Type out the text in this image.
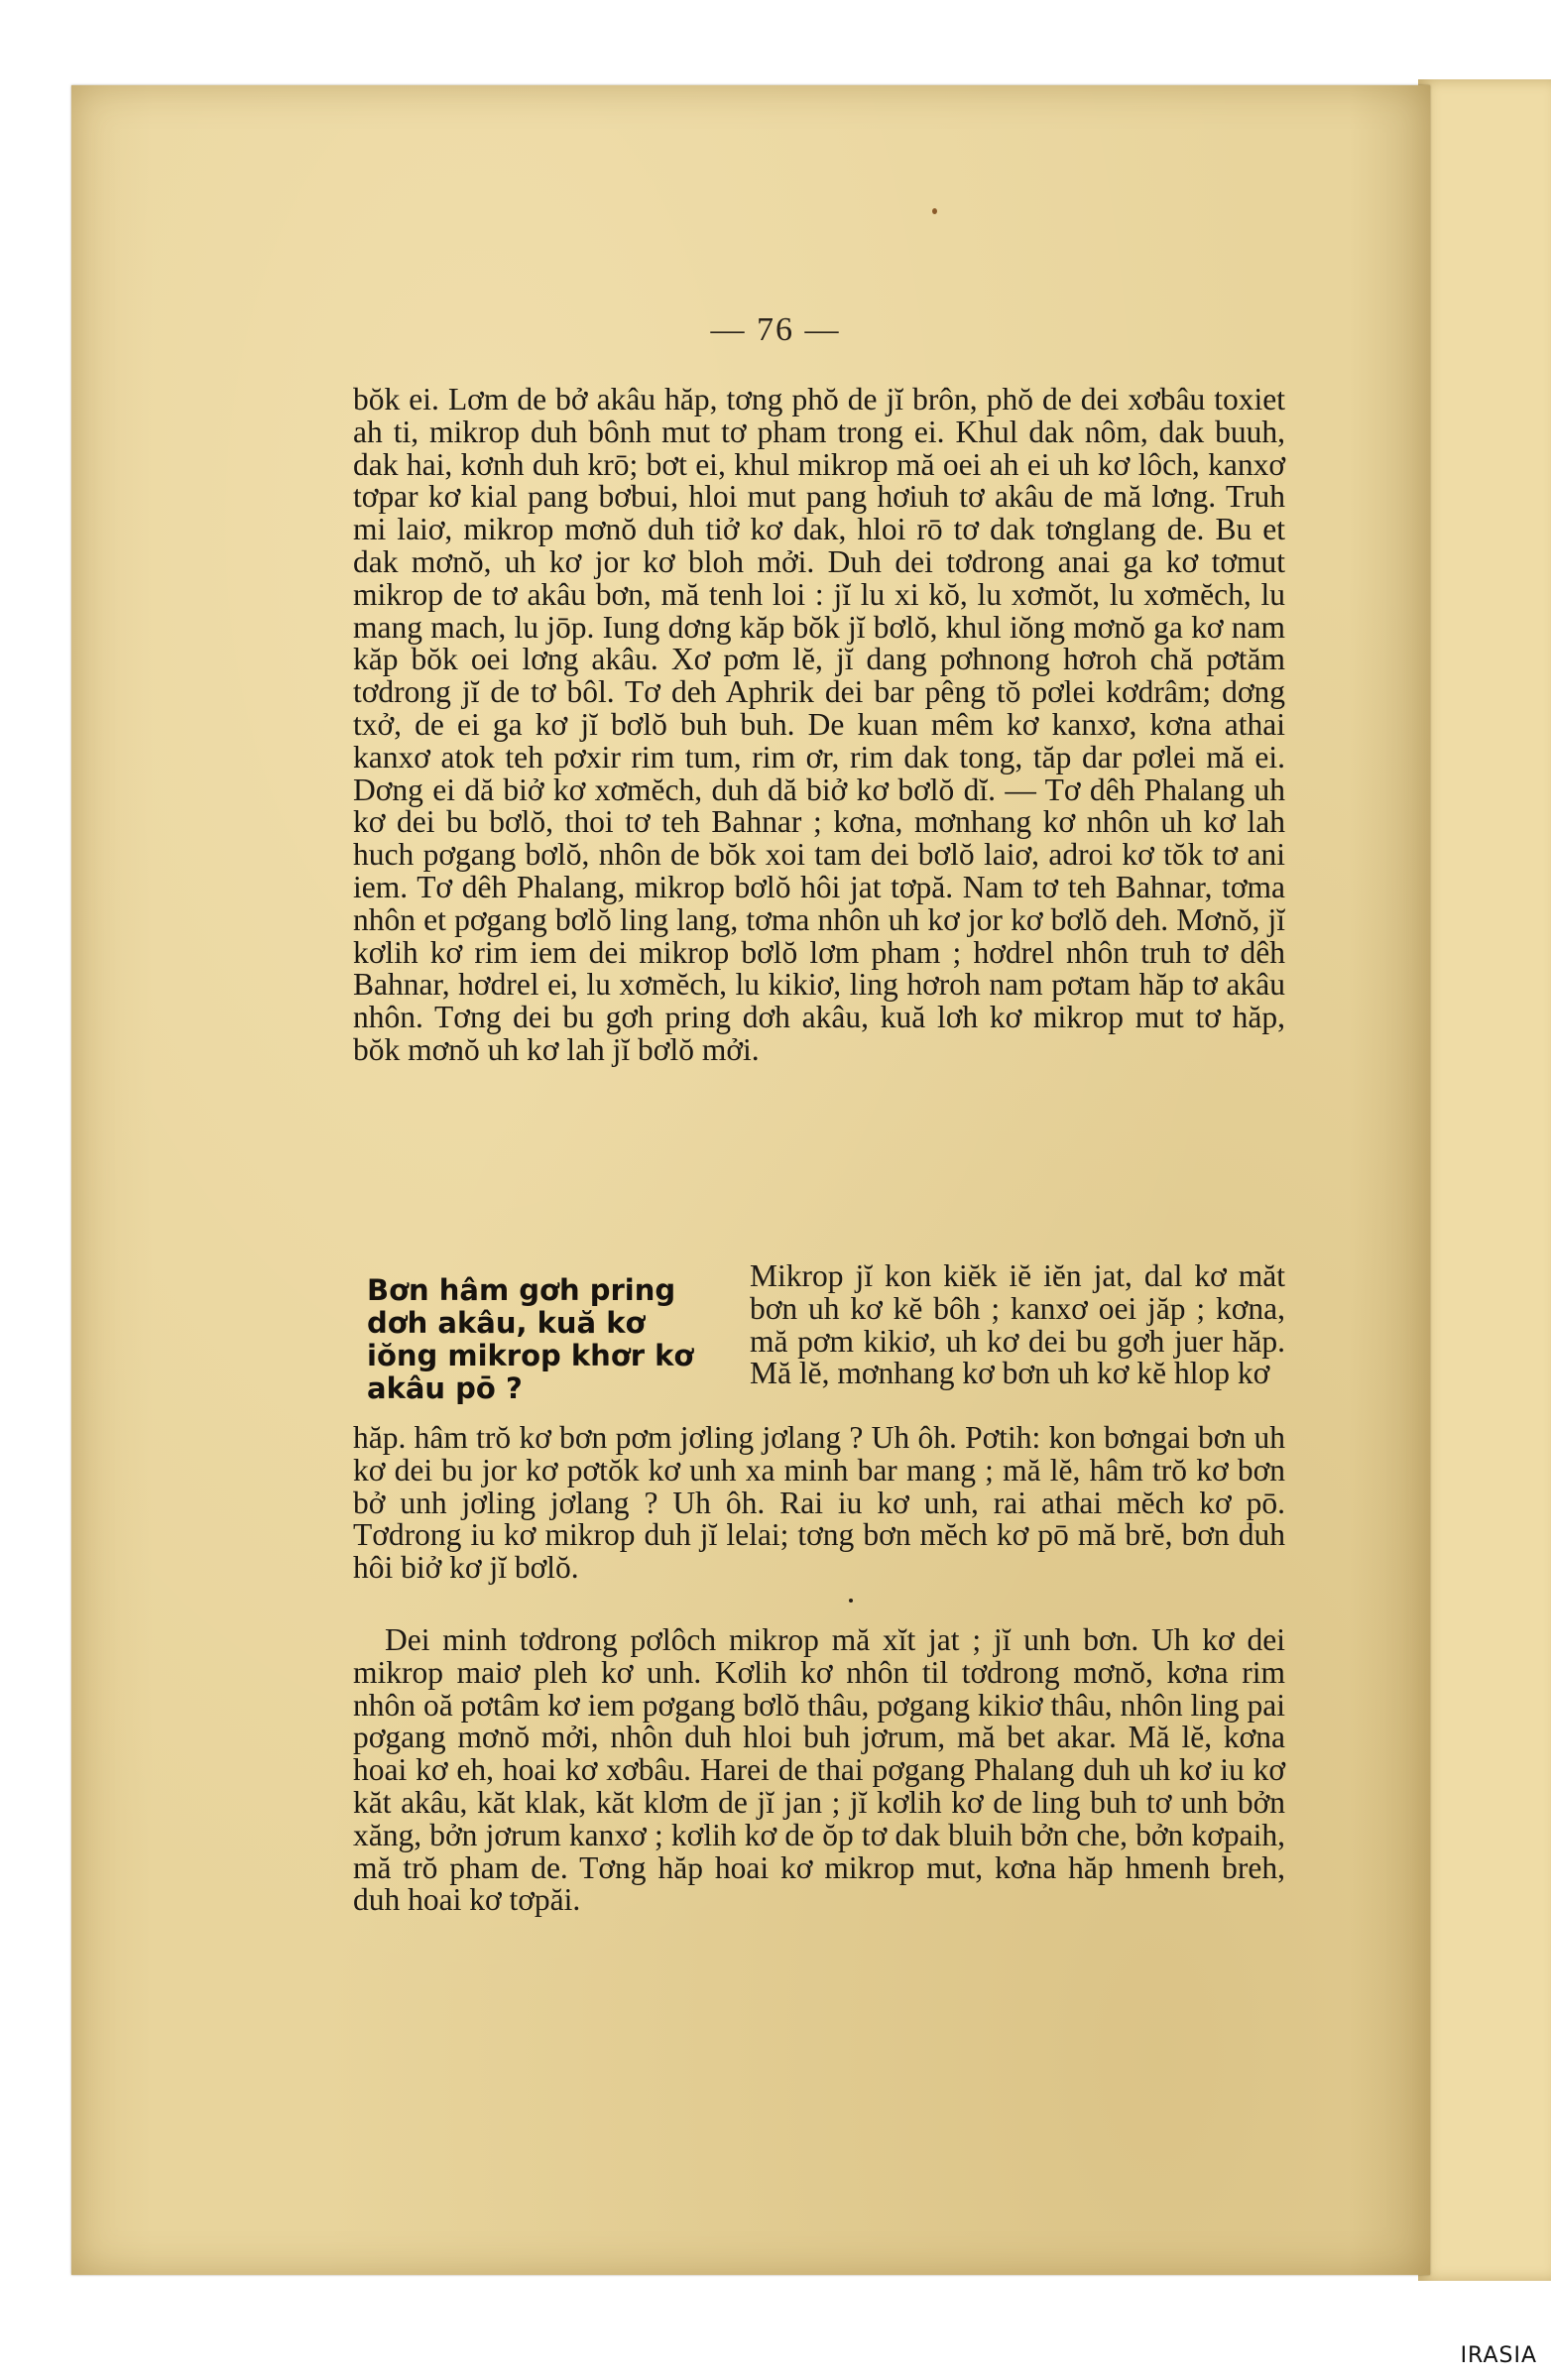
— 76 —

bŏk ei. Lơm de bở akâu hăp, tơng phŏ de jĭ brôn, phŏ de dei xơbâu toxiet ah ti, mikrop duh bônh mut tơ pham trong ei. Khul dak nôm, dak buuh, dak hai, kơnh duh krō; bơt ei, khul mikrop mă oei ah ei uh kơ lôch, kanxơ tơpar kơ kial pang bơbui, hloi mut pang hơiuh tơ akâu de mă lơng. Truh mi laiơ, mikrop mơnŏ duh tiở kơ dak, hloi rō tơ dak tơnglang de. Bu et dak mơnŏ, uh kơ jor kơ bloh mởi. Duh dei tơdrong anai ga kơ tơmut mikrop de tơ akâu bơn, mă tenh loi : jĭ lu xi kŏ, lu xơmŏt, lu xơmĕch, lu mang mach, lu jōp. Iung dơng kăp bŏk jĭ bơlŏ, khul iŏng mơnŏ ga kơ nam kăp bŏk oei lơng akâu. Xơ pơm lĕ, jĭ dang pơhnong hơroh chă pơtăm tơdrong jĭ de tơ bôl. Tơ deh Aphrik dei bar pêng tŏ pơlei kơdrâm; dơng txở, de ei ga kơ jĭ bơlŏ buh buh. De kuan mêm kơ kanxơ, kơna athai kanxơ atok teh pơxir rim tum, rim ơr, rim dak tong, tăp dar pơlei mă ei. Dơng ei dă biở kơ xơmĕch, duh dă biở kơ bơlŏ dĭ. — Tơ dêh Phalang uh kơ dei bu bơlŏ, thoi tơ teh Bahnar ; kơna, mơnhang kơ nhôn uh kơ lah huch pơgang bơlŏ, nhôn de bŏk xoi tam dei bơlŏ laiơ, adroi kơ tŏk tơ ani iem. Tơ dêh Phalang, mikrop bơlŏ hôi jat tơpă. Nam tơ teh Bahnar, tơma nhôn et pơgang bơlŏ ling lang, tơma nhôn uh kơ jor kơ bơlŏ deh. Mơnŏ, jĭ kơlih kơ rim iem dei mikrop bơlŏ lơm pham ; hơdrel nhôn truh tơ dêh Bahnar, hơdrel ei, lu xơmĕch, lu kikiơ, ling hơroh nam pơtam hăp tơ akâu nhôn. Tơng dei bu gơh pring dơh akâu, kuă lơh kơ mikrop mut tơ hăp, bŏk mơnŏ uh kơ lah jĭ bơlŏ mởi.

Bơn hâm gơh pring dơh akâu, kuă kơ iŏng mikrop khơr kơ akâu pō ?

Mikrop jĭ kon kiĕk iĕ iĕn jat, dal kơ măt bơn uh kơ kĕ bôh ; kanxơ oei jăp ; kơna, mă pơm kikiơ, uh kơ dei bu gơh juer hăp. Mă lĕ, mơnhang kơ bơn uh kơ kĕ hlop kơ

hăp. hâm trŏ kơ bơn pơm jơling jơlang ? Uh ôh. Pơtih: kon bơngai bơn uh kơ dei bu jor kơ pơtŏk kơ unh xa minh bar mang ; mă lĕ, hâm trŏ kơ bơn bở unh jơling jơlang ? Uh ôh. Rai iu kơ unh, rai athai mĕch kơ pō. Tơdrong iu kơ mikrop duh jĭ lelai; tơng bơn mĕch kơ pō mă brĕ, bơn duh hôi biở kơ jĭ bơlŏ.

Dei minh tơdrong pơlôch mikrop mă xĭt jat ; jĭ unh bơn. Uh kơ dei mikrop maiơ pleh kơ unh. Kơlih kơ nhôn til tơdrong mơnŏ, kơna rim nhôn oă pơtâm kơ iem pơgang bơlŏ thâu, pơgang kikiơ thâu, nhôn ling pai pơgang mơnŏ mởi, nhôn duh hloi buh jơrum, mă bet akar. Mă lĕ, kơna hoai kơ eh, hoai kơ xơbâu. Harei de thai pơgang Phalang duh uh kơ iu kơ kăt akâu, kăt klak, kăt klơm de jĭ jan ; jĭ kơlih kơ de ling buh tơ unh bởn xăng, bởn jơrum kanxơ ; kơlih kơ de ŏp tơ dak bluih bởn che, bởn kơpaih, mă trŏ pham de. Tơng hăp hoai kơ mikrop mut, kơna hăp hmenh breh, duh hoai kơ tơpăi.

IRASIA
